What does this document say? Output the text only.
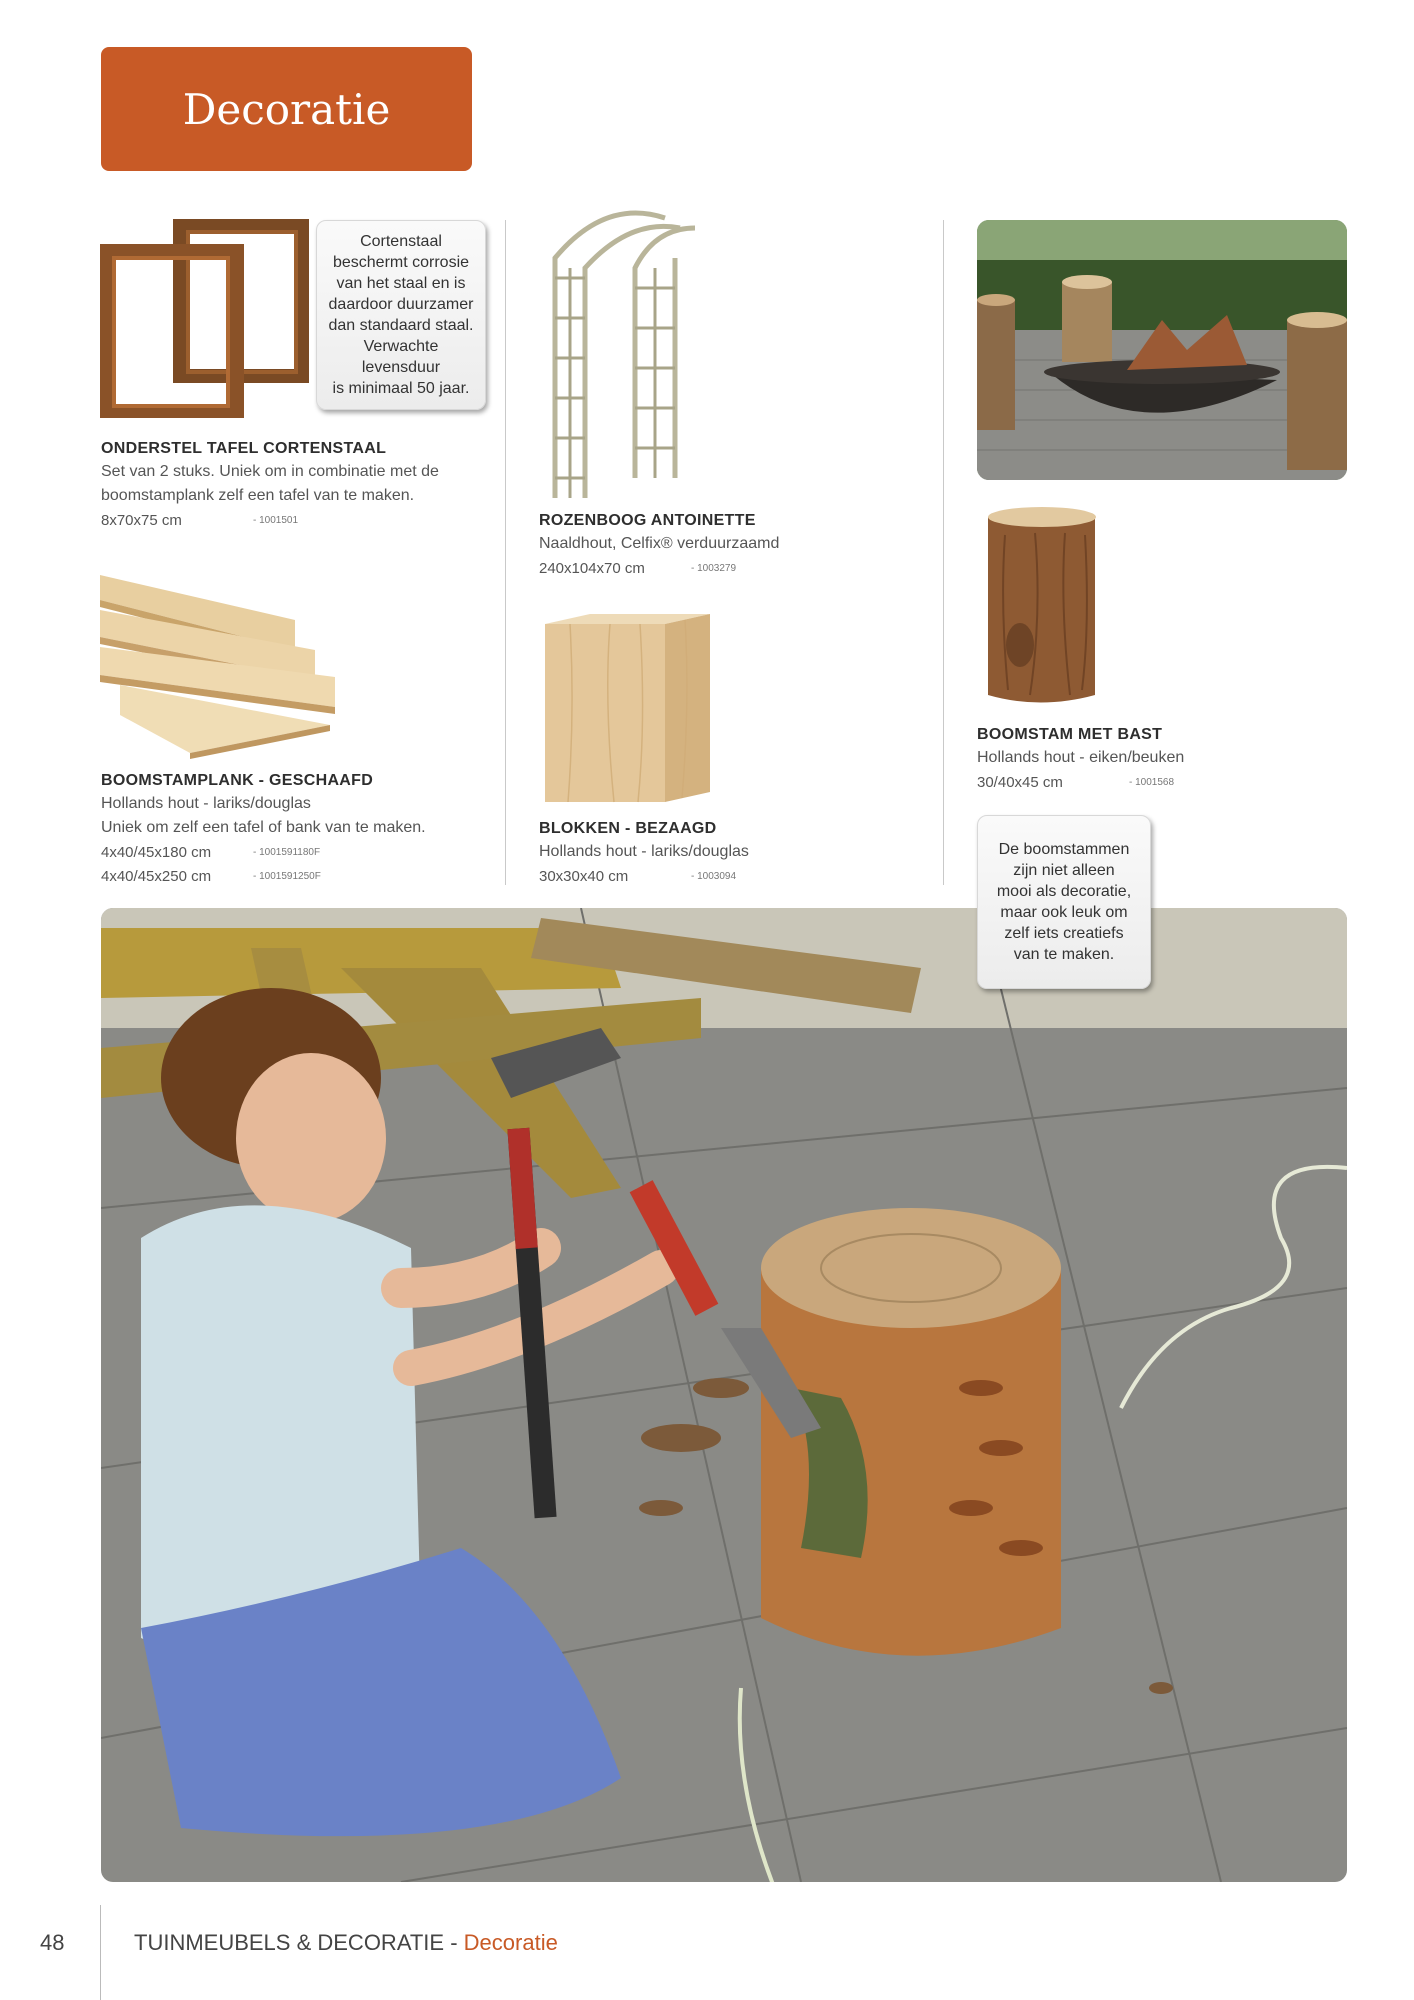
Decoratie
Cortenstaal
beschermt corrosie
van het staal en is
daardoor duurzamer
dan standaard staal.
Verwachte levensduur
is minimaal 50 jaar.
ONDERSTEL TAFEL CORTENSTAAL
Set van 2 stuks. Uniek om in combinatie met de
boomstamplank zelf een tafel van te maken.
8x70x75 cm	- 1001501
BOOMSTAMPLANK - GESCHAAFD
Hollands hout - lariks/douglas
Uniek om zelf een tafel of bank van te maken.
4x40/45x180 cm	- 1001591180F
4x40/45x250 cm	- 1001591250F
ROZENBOOG ANTOINETTE
Naaldhout, Celfix® verduurzaamd
240x104x70 cm	- 1003279
BLOKKEN - BEZAAGD
Hollands hout - lariks/douglas
30x30x40 cm	- 1003094
BOOMSTAM MET BAST
Hollands hout - eiken/beuken
30/40x45 cm	- 1001568
De boomstammen
zijn niet alleen
mooi als decoratie,
maar ook leuk om
zelf iets creatiefs
van te maken.
48	TUINMEUBELS & DECORATIE - Decoratie
